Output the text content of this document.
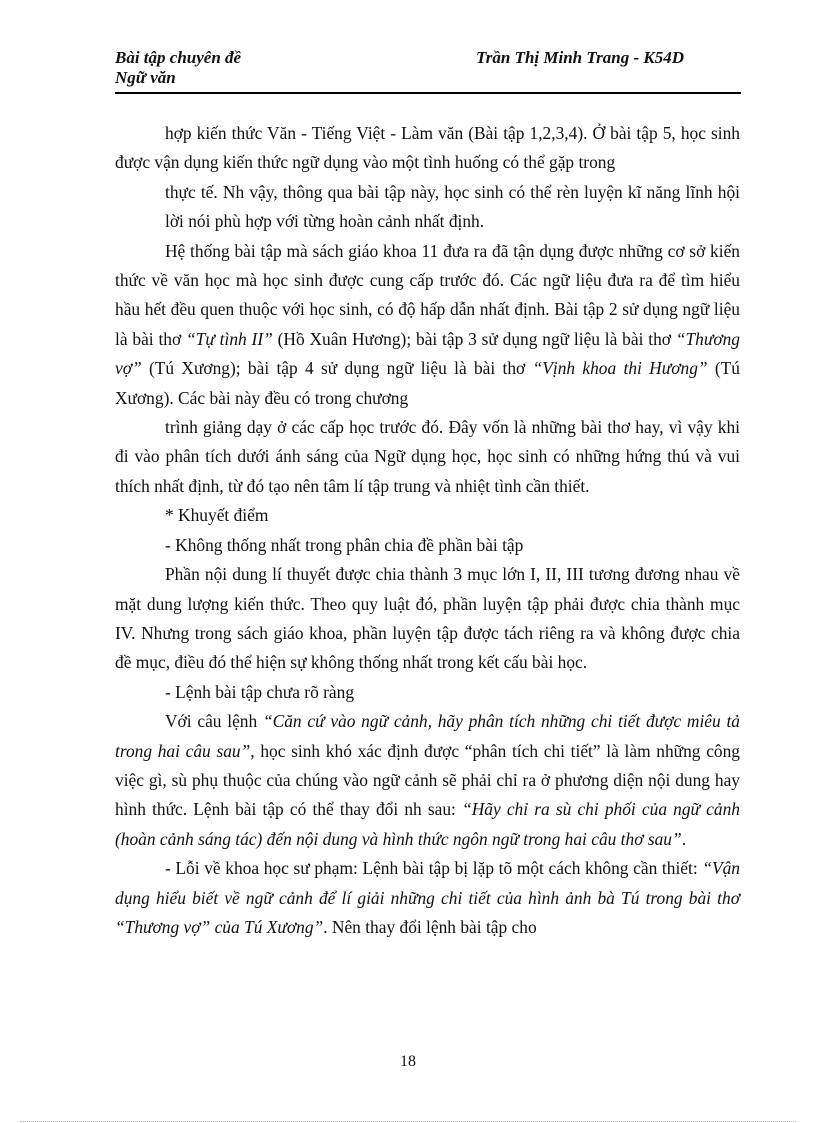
Bài tập chuyên đề
Ngữ văn
Trần Thị Minh Trang - K54D

hợp kiến thức Văn - Tiếng Việt - Làm văn (Bài tập 1,2,3,4). Ở bài tập 5, học sinh được vận dụng kiến thức ngữ dụng vào một tình huống có thể gặp trong

thực tế. Nh vậy, thông qua bài tập này, học sinh có thể rèn luyện kĩ năng lĩnh hội lời nói phù hợp với từng hoàn cảnh nhất định.

Hệ thống bài tập mà sách giáo khoa 11 đưa ra đã tận dụng được những cơ sở kiến thức về văn học mà học sinh được cung cấp trước đó. Các ngữ liệu đưa ra để tìm hiểu hầu hết đều quen thuộc với học sinh, có độ hấp dẫn nhất định. Bài tập 2 sử dụng ngữ liệu là bài thơ “Tự tình II” (Hồ Xuân Hương); bài tập 3 sử dụng ngữ liệu là bài thơ “Thương vợ” (Tú Xương); bài tập 4 sử dụng ngữ liệu là bài thơ “Vịnh khoa thi Hương” (Tú Xương). Các bài này đều có trong chương

trình giảng dạy ở các cấp học trước đó. Đây vốn là những bài thơ hay, vì vậy khi đi vào phân tích dưới ánh sáng của Ngữ dụng học, học sinh có những hứng thú và vui thích nhất định, từ đó tạo nên tâm lí tập trung và nhiệt tình cần thiết.

* Khuyết điểm

- Không thống nhất trong phân chia đề phần bài tập

Phần nội dung lí thuyết được chia thành 3 mục lớn I, II, III tương đương nhau về mặt dung lượng kiến thức. Theo quy luật đó, phần luyện tập phải được chia thành mục IV. Nhưng trong sách giáo khoa, phần luyện tập được tách riêng ra và không được chia đề mục, điều đó thể hiện sự không thống nhất trong kết cấu bài học.

- Lệnh bài tập chưa rõ ràng

Với câu lệnh “Căn cứ vào ngữ cảnh, hãy phân tích những chi tiết được miêu tả trong hai câu sau”, học sinh khó xác định được “phân tích chi tiết” là làm những công việc gì, sù phụ thuộc của chúng vào ngữ cảnh sẽ phải chỉ ra ở phương diện nội dung hay hình thức. Lệnh bài tập có thể thay đổi nh sau: “Hãy chỉ ra sù chi phối của ngữ cảnh (hoàn cảnh sáng tác) đến nội dung và hình thức ngôn ngữ trong hai câu thơ sau”.

- Lỗi về khoa học sư phạm: Lệnh bài tập bị lặp tõ một cách không cần thiết: “Vận dụng hiểu biết về ngữ cảnh để lí giải những chi tiết của hình ảnh bà Tú trong bài thơ “Thương vợ” của Tú Xương”. Nên thay đổi lệnh bài tập cho

18
